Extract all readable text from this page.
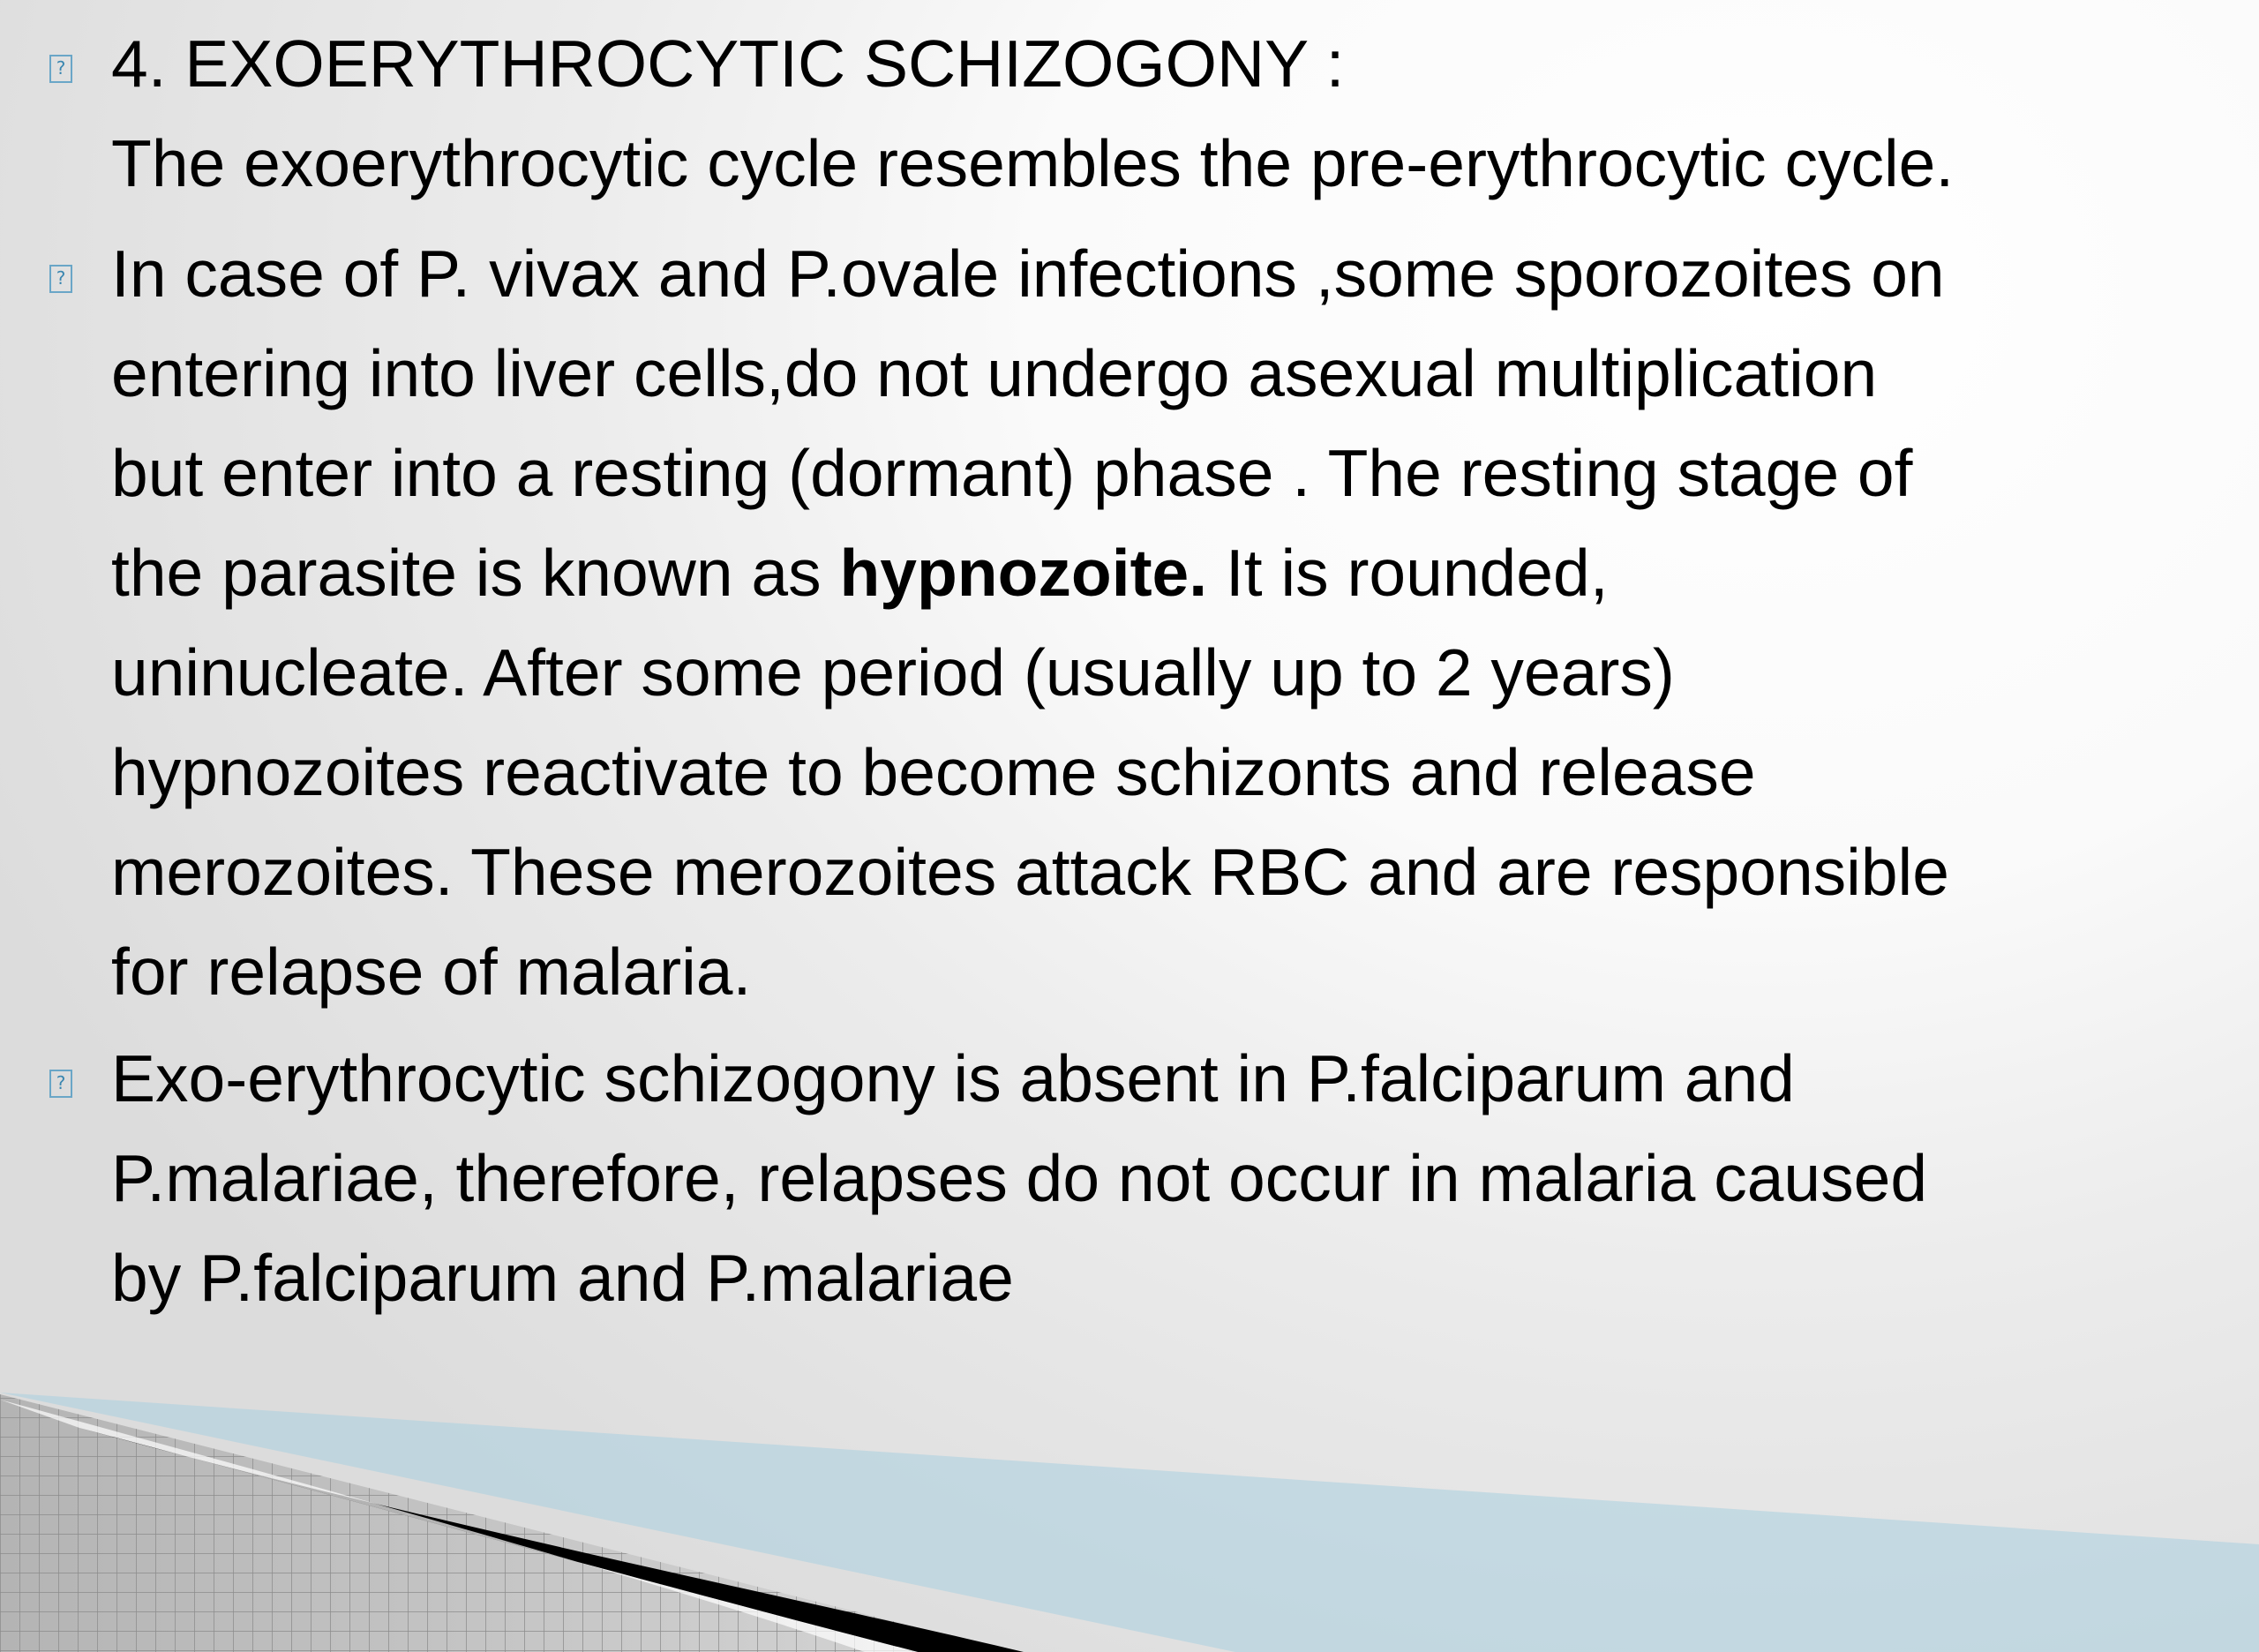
? 4. EXOERYTHROCYTIC SCHIZOGONY :
The exoerythrocytic cycle resembles the pre-erythrocytic cycle.
? In case of P. vivax and P.ovale infections ,some sporozoites on
entering into liver cells,do not undergo asexual multiplication
but enter into a resting (dormant) phase . The resting stage of
the parasite is known as hypnozoite. It is rounded,
uninucleate. After some period (usually up to 2 years)
hypnozoites reactivate to become schizonts and release
merozoites. These merozoites attack RBC and are responsible
for relapse of malaria.
? Exo-erythrocytic schizogony is absent in P.falciparum and
P.malariae, therefore, relapses do not occur in malaria caused
by P.falciparum and P.malariae
